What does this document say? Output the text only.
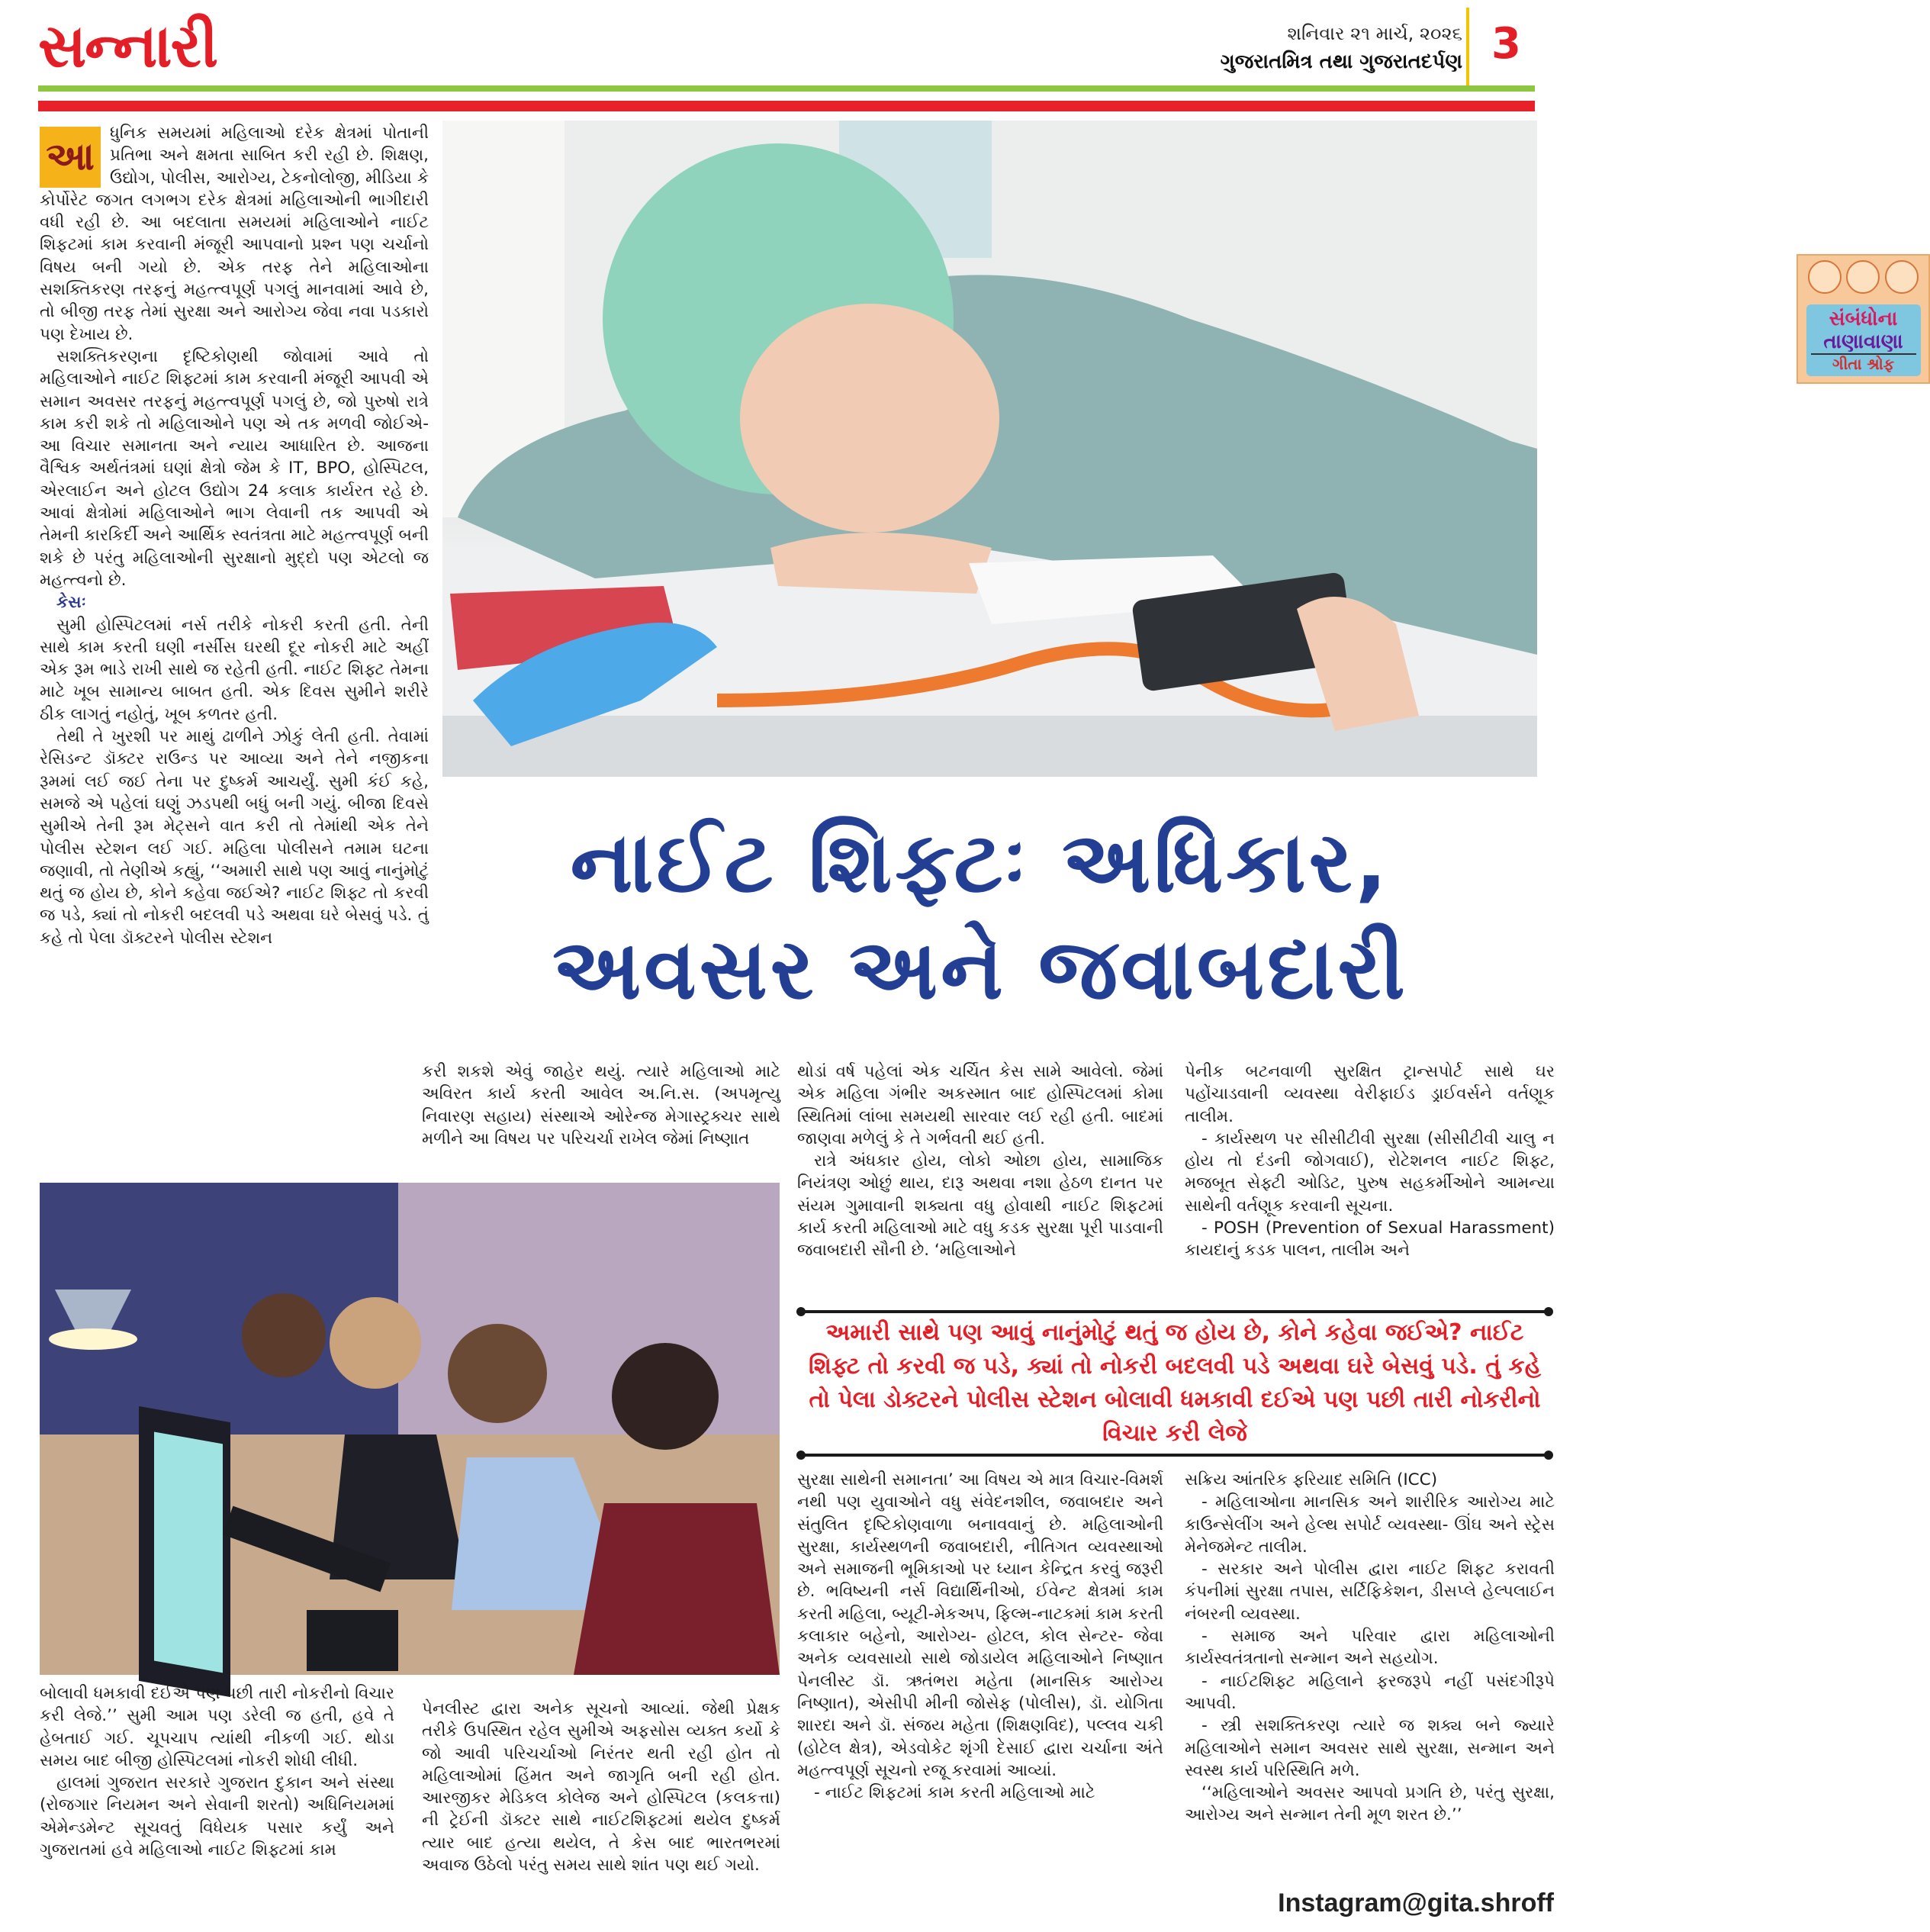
સન્નારી	શનિવાર ૨૧ માર્ચ, ૨૦૨૬
ગુજરાતમિત્ર તથા ગુજરાતદર્પણ 3
આ

ધુનિક સમયમાં મહિલાઓ દરેક ક્ષેત્રમાં પોતાની પ્રતિભા અને ક્ષમતા સાબિત કરી રહી છે. શિક્ષણ, ઉદ્યોગ, પોલીસ, આરોગ્ય, ટેકનોલોજી, મીડિયા કે કોર્પોરેટ જગત લગભગ દરેક ક્ષેત્રમાં મહિલાઓની ભાગીદારી વધી રહી છે. આ બદલાતા સમયમાં મહિલાઓને નાઈટ શિફટમાં કામ કરવાની મંજૂરી આપવાનો પ્રશ્ન પણ ચર્ચાનો વિષય બની ગયો છે. એક તરફ તેને મહિલાઓના સશક્તિકરણ તરફનું મહત્ત્વપૂર્ણ પગલું માનવામાં આવે છે, તો બીજી તરફ તેમાં સુરક્ષા અને આરોગ્ય જેવા નવા પડકારો પણ દેખાય છે.

સશક્તિકરણના દૃષ્ટિકોણથી જોવામાં આવે તો મહિલાઓને નાઈટ શિફ્ટમાં કામ કરવાની મંજૂરી આપવી એ સમાન અવસર તરફનું મહત્ત્વપૂર્ણ પગલું છે, જો પુરુષો રાત્રે કામ કરી શકે તો મહિલાઓને પણ એ તક મળવી જોઈએ- આ વિચાર સમાનતા અને ન્યાય આધારિત છે. આજના વૈશ્વિક અર્થતંત્રમાં ઘણાં ક્ષેત્રો જેમ કે IT, BPO, હોસ્પિટલ, એરલાઈન અને હોટલ ઉદ્યોગ 24 કલાક કાર્યરત રહે છે. આવાં ક્ષેત્રોમાં મહિલાઓને ભાગ લેવાની તક આપવી એ તેમની કારકિર્દી અને આર્થિક સ્વતંત્રતા માટે મહત્ત્વપૂર્ણ બની શકે છે પરંતુ મહિલાઓની સુરક્ષાનો મુદ્દો પણ એટલો જ મહત્ત્વનો છે.

કેસઃ

સુમી હોસ્પિટલમાં નર્સ તરીકે નોકરી કરતી હતી. તેની સાથે કામ કરતી ઘણી નર્સીસ ઘરથી દૂર નોકરી માટે અહીં એક રૂમ ભાડે રાખી સાથે જ રહેતી હતી. નાઈટ શિફ્ટ તેમના માટે ખૂબ સામાન્ય બાબત હતી. એક દિવસ સુમીને શરીરે ઠીક લાગતું નહોતું, ખૂબ કળતર હતી.

તેથી તે ખુરશી પર માથું ઢાળીને ઝોકું લેતી હતી. તેવામાં રેસિડન્ટ ડૉક્ટર રાઉન્ડ પર આવ્યા અને તેને નજીકના રૂમમાં લઈ જઈ તેના પર દુષ્કર્મ આચર્યું. સુમી કંઈ કહે, સમજે એ પહેલાં ઘણું ઝડપથી બધું બની ગયું. બીજા દિવસે સુમીએ તેની રૂમ મેટ્સને વાત કરી તો તેમાંથી એક તેને પોલીસ સ્ટેશન લઈ ગઈ. મહિલા પોલીસને તમામ ઘટના જણાવી, તો તેણીએ કહ્યું, ‘‘અમારી સાથે પણ આવું નાનુંમોટું થતું જ હોય છે, કોને કહેવા જઈએ? નાઈટ શિફ્ટ તો કરવી જ પડે, ક્યાં તો નોકરી બદલવી પડે અથવા ઘરે બેસવું પડે. તું કહે તો પેલા ડૉક્ટરને પોલીસ સ્ટેશન

સંબંધોના
તાણાવાણા
ગીતા શ્રોફ
નાઈટ શિફ્ટઃ અધિકાર,
અવસર અને જવાબદારી

કરી શકશે એવું જાહેર થયું. ત્યારે મહિલાઓ માટે અવિરત કાર્ય કરતી આવેલ અ.નિ.સ. (અપમૃત્યુ નિવારણ સહાય) સંસ્થાએ ઓરેન્જ મેગાસ્ટ્રક્ચર સાથે મળીને આ વિષય પર પરિચર્ચા રાખેલ જેમાં નિષ્ણાત

થોડાં વર્ષ પહેલાં એક ચર્ચિત કેસ સામે આવેલો. જેમાં એક મહિલા ગંભીર અકસ્માત બાદ હોસ્પિટલમાં કોમા સ્થિતિમાં લાંબા સમયથી સારવાર લઈ રહી હતી. બાદમાં જાણવા મળેલું કે તે ગર્ભવતી થઈ હતી.

રાત્રે અંધકાર હોય, લોકો ઓછા હોય, સામાજિક નિયંત્રણ ઓછું થાય, દારૂ અથવા નશા હેઠળ દાનત પર સંયમ ગુમાવાની શક્યતા વધુ હોવાથી નાઈટ શિફટમાં કાર્ય કરતી મહિલાઓ માટે વધુ કડક સુરક્ષા પૂરી પાડવાની જવાબદારી સૌની છે. ‘મહિલાઓને

પેનીક બટનવાળી સુરક્ષિત ટ્રાન્સપોર્ટ સાથે ઘર પહોંચાડવાની વ્યવસ્થા વેરીફાઈડ ડ્રાઈવર્સને વર્તણૂક તાલીમ.

- કાર્યસ્થળ પર સીસીટીવી સુરક્ષા (સીસીટીવી ચાલુ ન હોય તો દંડની જોગવાઈ), રોટેશનલ નાઈટ શિફ્ટ, મજબૂત સેફ્ટી ઓડિટ, પુરુષ સહકર્મીઓને આમન્યા સાથેની વર્તણૂક કરવાની સૂચના.

- POSH (Prevention of Sexual Harassment) કાયદાનું કડક પાલન, તાલીમ અને

અમારી સાથે પણ આવું નાનુંમોટું થતું જ હોય છે, કોને કહેવા જઈએ? નાઈટ શિફ્ટ તો કરવી જ પડે, ક્યાં તો નોકરી બદલવી પડે અથવા ઘરે બેસવું પડે. તું કહે તો પેલા ડોક્ટરને પોલીસ સ્ટેશન બોલાવી ધમકાવી દઈએ પણ પછી તારી નોકરીનો વિચાર કરી લેજે

બોલાવી ધમકાવી દઈએ પણ પછી તારી નોકરીનો વિચાર કરી લેજે.’’ સુમી આમ પણ ડરેલી જ હતી, હવે તે હેબતાઈ ગઈ. ચૂપચાપ ત્યાંથી નીકળી ગઈ. થોડા સમય બાદ બીજી હોસ્પિટલમાં નોકરી શોધી લીધી.

હાલમાં ગુજરાત સરકારે ગુજરાત દુકાન અને સંસ્થા (રોજગાર નિયમન અને સેવાની શરતો) અધિનિયમમાં એમેન્ડમેન્ટ સૂચવતું વિધેયક પસાર કર્યું અને ગુજરાતમાં હવે મહિલાઓ નાઈટ શિફ્ટમાં કામ

પેનલીસ્ટ દ્વારા અનેક સૂચનો આવ્યાં. જેથી પ્રેક્ષક તરીકે ઉપસ્થિત રહેલ સુમીએ અફસોસ વ્યક્ત કર્યો કે જો આવી પરિચર્ચાઓ નિરંતર થતી રહી હોત તો મહિલાઓમાં હિંમત અને જાગૃતિ બની રહી હોત. આરજીકર મેડિકલ કોલેજ અને હોસ્પિટલ (કલકત્તા) ની ટ્રેઈની ડૉક્ટર સાથે નાઈટશિફ્ટમાં થયેલ દુષ્કર્મ ત્યાર બાદ હત્યા થયેલ, તે કેસ બાદ ભારતભરમાં અવાજ ઉઠેલો પરંતુ સમય સાથે શાંત પણ થઈ ગયો.

સુરક્ષા સાથેની સમાનતા’ આ વિષય એ માત્ર વિચાર-વિમર્શ નથી પણ યુવાઓને વધુ સંવેદનશીલ, જવાબદાર અને સંતુલિત દૃષ્ટિકોણવાળા બનાવવાનું છે. મહિલાઓની સુરક્ષા, કાર્યસ્થળની જવાબદારી, નીતિગત વ્યવસ્થાઓ અને સમાજની ભૂમિકાઓ પર ધ્યાન કેન્દ્રિત કરવું જરૂરી છે. ભવિષ્યની નર્સ વિદ્યાર્થિનીઓ, ઈવેન્ટ ક્ષેત્રમાં કામ કરતી મહિલા, બ્યૂટી-મેકઅપ, ફિલ્મ-નાટકમાં કામ કરતી કલાકાર બહેનો, આરોગ્ય- હોટલ, કોલ સેન્ટર- જેવા અનેક વ્યવસાયો સાથે જોડાયેલ મહિલાઓને નિષ્ણાત પેનલીસ્ટ ડૉ. ઋતંભરા મહેતા (માનસિક આરોગ્ય નિષ્ણાત), એસીપી મીની જોસેફ (પોલીસ), ડૉ. યોગિતા શારદા અને ડૉ. સંજય મહેતા (શિક્ષણવિદ), પલ્લવ ચકી (હોટેલ ક્ષેત્ર), એડવોકેટ શૃંગી દેસાઈ દ્વારા ચર્ચાના અંતે મહત્ત્વપૂર્ણ સૂચનો રજૂ કરવામાં આવ્યાં.

- નાઈટ શિફટમાં કામ કરતી મહિલાઓ માટે

સક્રિય આંતરિક ફરિયાદ સમિતિ (ICC)

- મહિલાઓના માનસિક અને શારીરિક આરોગ્ય માટે કાઉન્સેલીંગ અને હેલ્થ સપોર્ટ વ્યવસ્થા- ઊંઘ અને સ્ટ્રેસ મેનેજમેન્ટ તાલીમ.

- સરકાર અને પોલીસ દ્વારા નાઈટ શિફટ કરાવતી કંપનીમાં સુરક્ષા તપાસ, સર્ટિફિકેશન, ડીસપ્લે હેલ્પલાઈન નંબરની વ્યવસ્થા.

- સમાજ અને પરિવાર દ્વારા મહિલાઓની કાર્યસ્વતંત્રતાનો સન્માન અને સહયોગ.

- નાઈટશિફ્ટ મહિલાને ફરજરૂપે નહીં પસંદગીરૂપે આપવી.

- સ્ત્રી સશક્તિકરણ ત્યારે જ શક્ય બને જ્યારે મહિલાઓને સમાન અવસર સાથે સુરક્ષા, સન્માન અને સ્વસ્થ કાર્ય પરિસ્થિતિ મળે.

‘‘મહિલાઓને અવસર આપવો પ્રગતિ છે, પરંતુ સુરક્ષા, આરોગ્ય અને સન્માન તેની મૂળ શરત છે.’’

Instagram@gita.shroff
